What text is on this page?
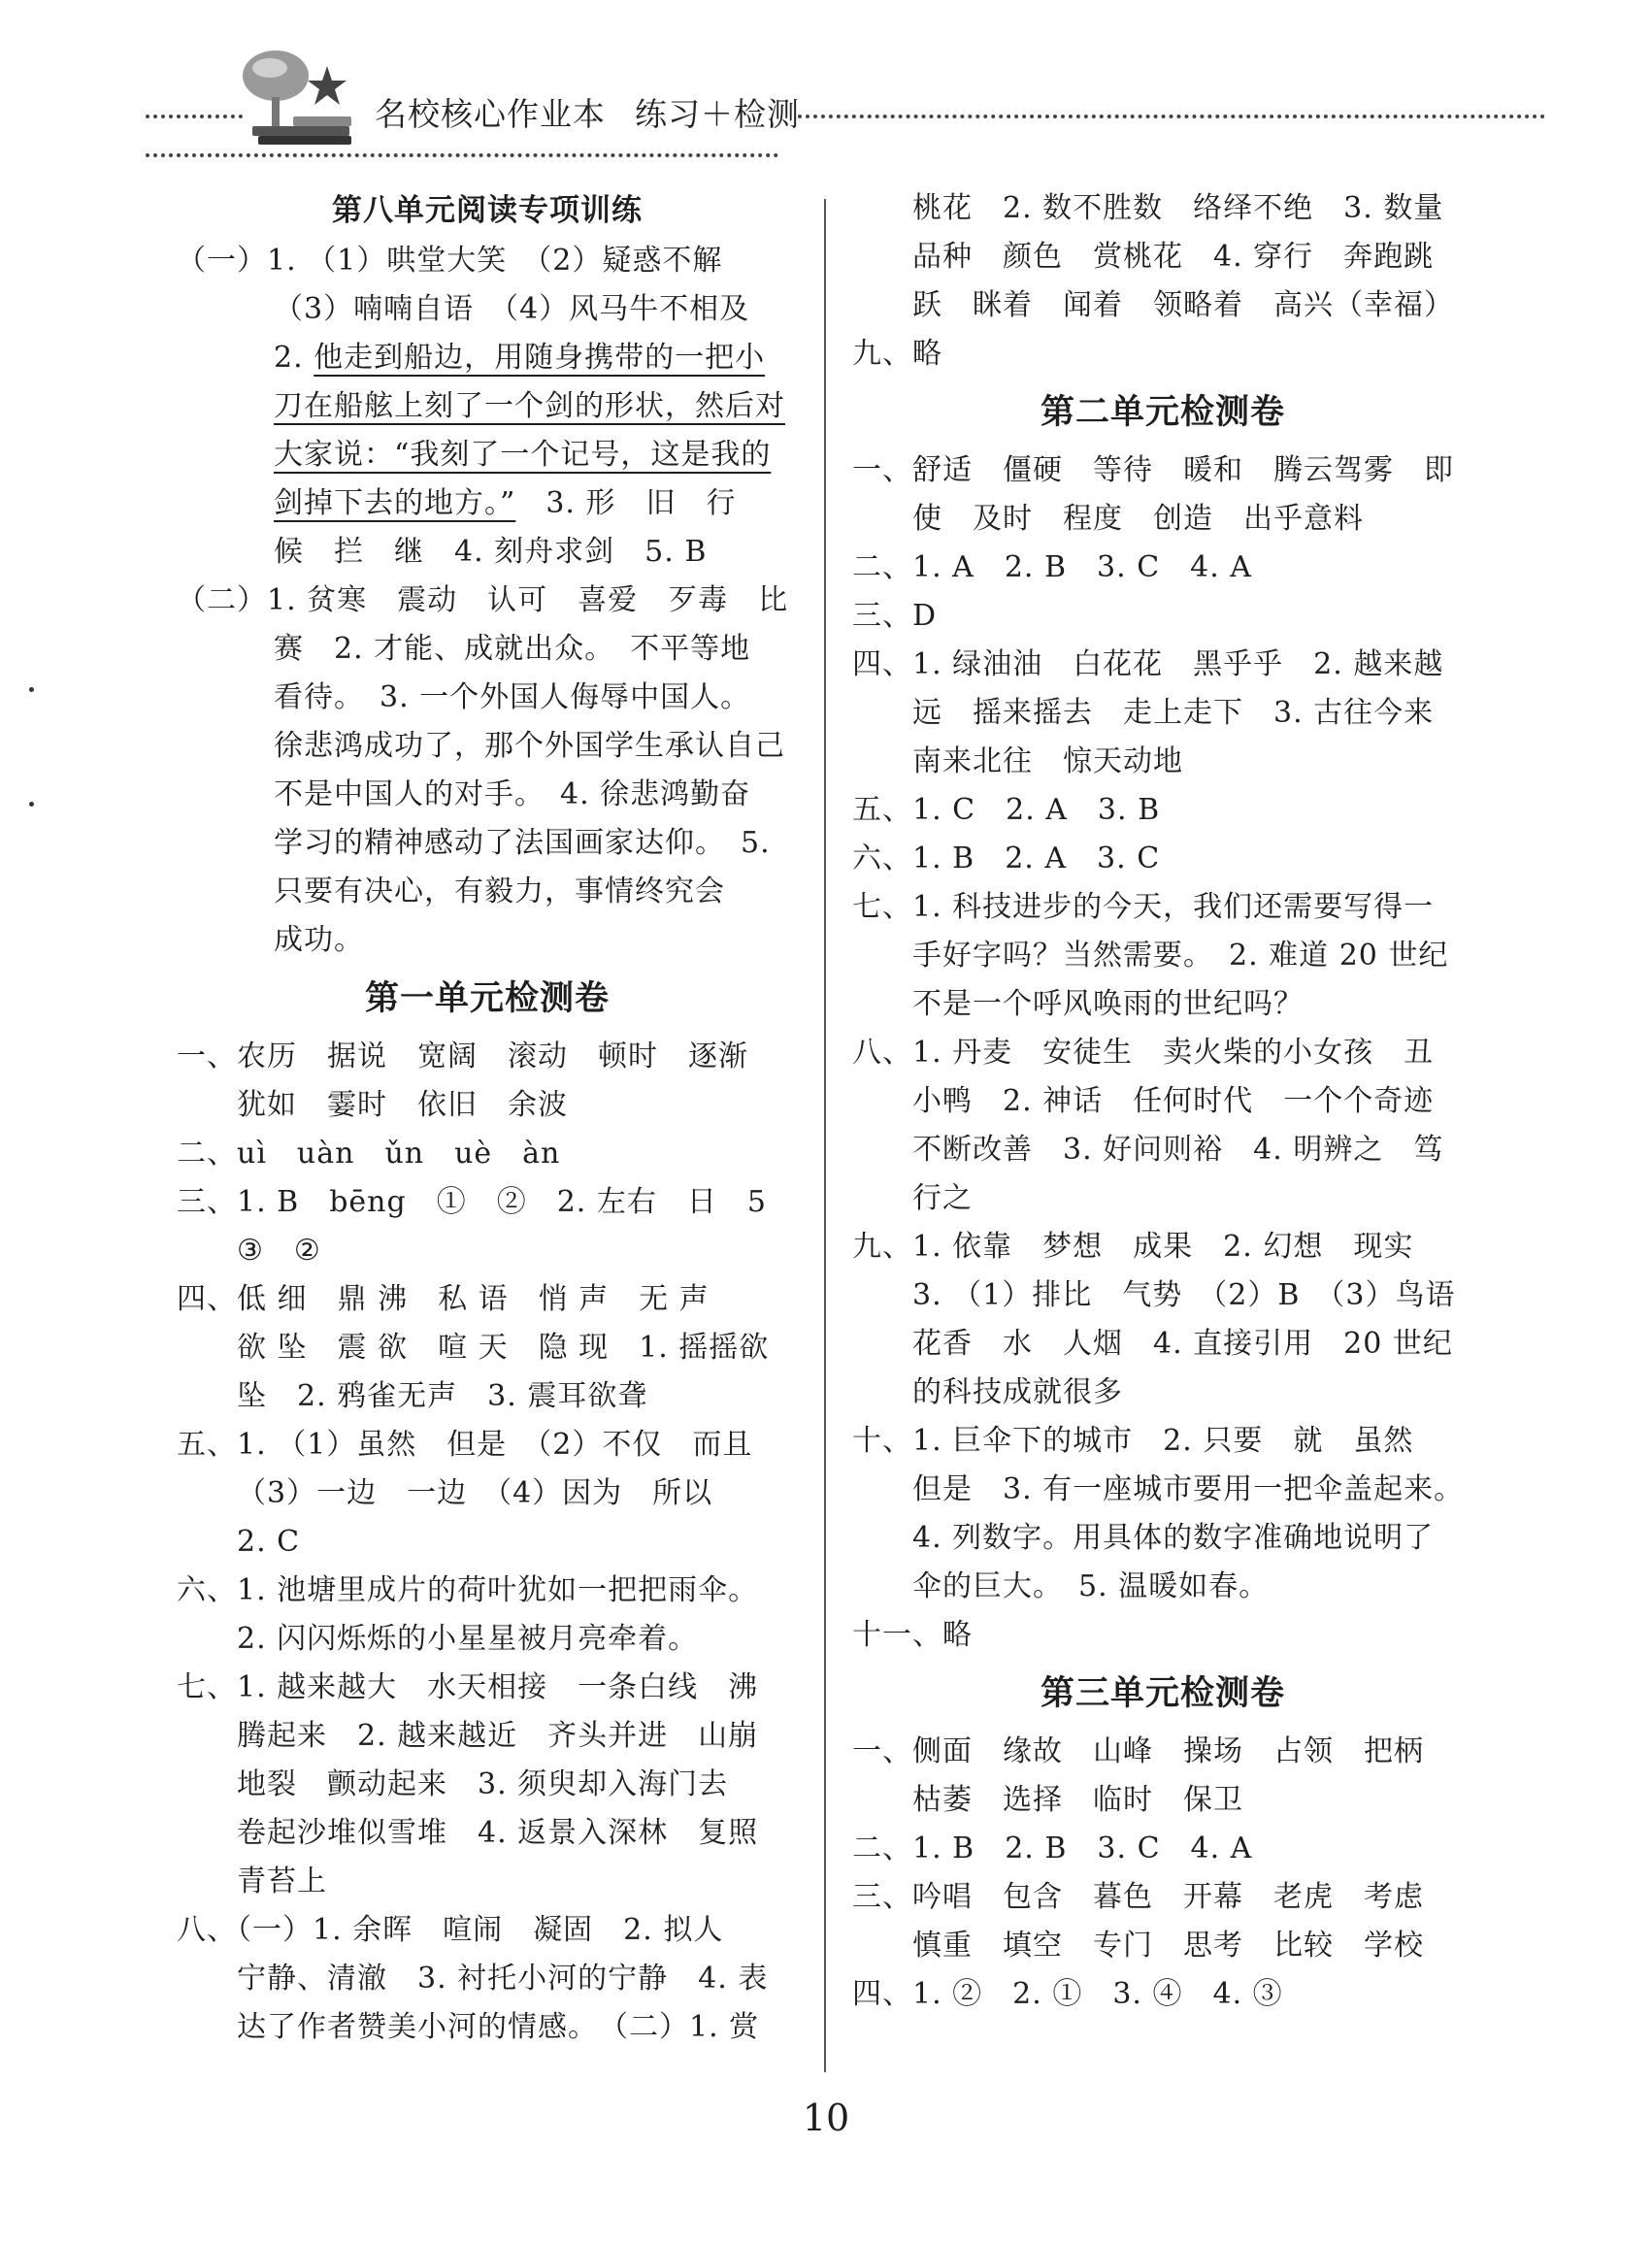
名校核心作业本 练习＋检测

第八单元阅读专项训练

（一）1. （1）哄堂大笑　（2）疑惑不解

（3）喃喃自语　（4）风马牛不相及

2. 他走到船边，用随身携带的一把小

刀在船舷上刻了一个剑的形状，然后对

大家说：“我刻了一个记号，这是我的

剑掉下去的地方。”　3. 形　旧　行

候　拦　继　4. 刻舟求剑　5. B

（二）1. 贫寒　震动　认可　喜爱　歹毒　比

赛　2. 才能、成就出众。　不平等地

看待。　3. 一个外国人侮辱中国人。

徐悲鸿成功了，那个外国学生承认自己

不是中国人的对手。　4. 徐悲鸿勤奋

学习的精神感动了法国画家达仰。　5.

只要有决心，有毅力，事情终究会

成功。

第一单元检测卷

一、农历　据说　宽阔　滚动　顿时　逐渐

犹如　霎时　依旧　余波

二、uì　uàn　ǔn　uè　àn

三、1. B　bēng　①　②　2. 左右　日　5

③　②

四、低 细　鼎 沸　私 语　悄 声　无 声

欲 坠　震 欲　喧 天　隐 现　1. 摇摇欲

坠　2. 鸦雀无声　3. 震耳欲聋

五、1. （1）虽然　但是　（2）不仅　而且

（3）一边　一边　（4）因为　所以

2. C

六、1. 池塘里成片的荷叶犹如一把把雨伞。

2. 闪闪烁烁的小星星被月亮牵着。

七、1. 越来越大　水天相接　一条白线　沸

腾起来　2. 越来越近　齐头并进　山崩

地裂　颤动起来　3. 须臾却入海门去

卷起沙堆似雪堆　4. 返景入深林　复照

青苔上

八、（一）1. 余晖　喧闹　凝固　2. 拟人

宁静、清澈　3. 衬托小河的宁静　4. 表

达了作者赞美小河的情感。　（二）1. 赏

桃花　2. 数不胜数　络绎不绝　3. 数量

品种　颜色　赏桃花　4. 穿行　奔跑跳

跃　眯着　闻着　领略着　高兴（幸福）

九、略

第二单元检测卷

一、舒适　僵硬　等待　暖和　腾云驾雾　即

使　及时　程度　创造　出乎意料

二、1. A　2. B　3. C　4. A

三、D

四、1. 绿油油　白花花　黑乎乎　2. 越来越

远　摇来摇去　走上走下　3. 古往今来

南来北往　惊天动地

五、1. C　2. A　3. B

六、1. B　2. A　3. C

七、1. 科技进步的今天，我们还需要写得一

手好字吗？当然需要。　2. 难道 20 世纪

不是一个呼风唤雨的世纪吗？

八、1. 丹麦　安徒生　卖火柴的小女孩　丑

小鸭　2. 神话　任何时代　一个个奇迹

不断改善　3. 好问则裕　4. 明辨之　笃

行之

九、1. 依靠　梦想　成果　2. 幻想　现实

3. （1）排比　气势　（2）B　（3）鸟语

花香　水　人烟　4. 直接引用　20 世纪

的科技成就很多

十、1. 巨伞下的城市　2. 只要　就　虽然

但是　3. 有一座城市要用一把伞盖起来。

4. 列数字。用具体的数字准确地说明了

伞的巨大。　5. 温暖如春。

十一、略

第三单元检测卷

一、侧面　缘故　山峰　操场　占领　把柄

枯萎　选择　临时　保卫

二、1. B　2. B　3. C　4. A

三、吟唱　包含　暮色　开幕　老虎　考虑

慎重　填空　专门　思考　比较　学校

四、1. ②　2. ①　3. ④　4. ③

10
